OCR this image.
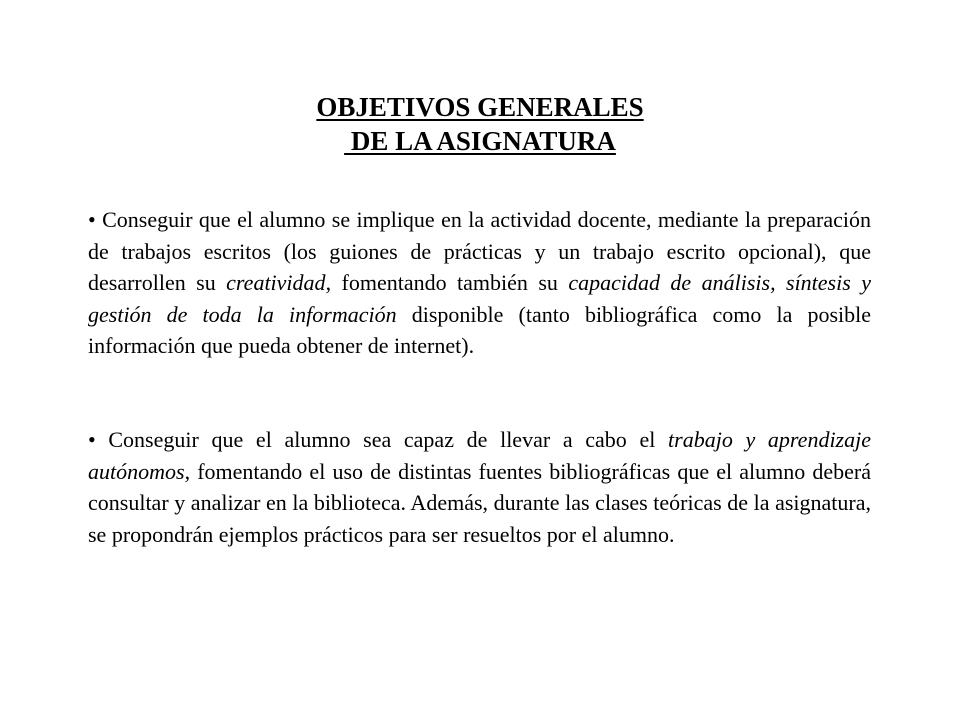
OBJETIVOS GENERALES
DE LA ASIGNATURA
• Conseguir que el alumno se implique en la actividad docente, mediante la preparación de trabajos escritos (los guiones de prácticas y un trabajo escrito opcional), que desarrollen su creatividad, fomentando también su capacidad de análisis, síntesis y gestión de toda la información disponible (tanto bibliográfica como la posible información que pueda obtener de internet).
• Conseguir que el alumno sea capaz de llevar a cabo el trabajo y aprendizaje autónomos, fomentando el uso de distintas fuentes bibliográficas que el alumno deberá consultar y analizar en la biblioteca. Además, durante las clases teóricas de la asignatura, se propondrán ejemplos prácticos para ser resueltos por el alumno.
